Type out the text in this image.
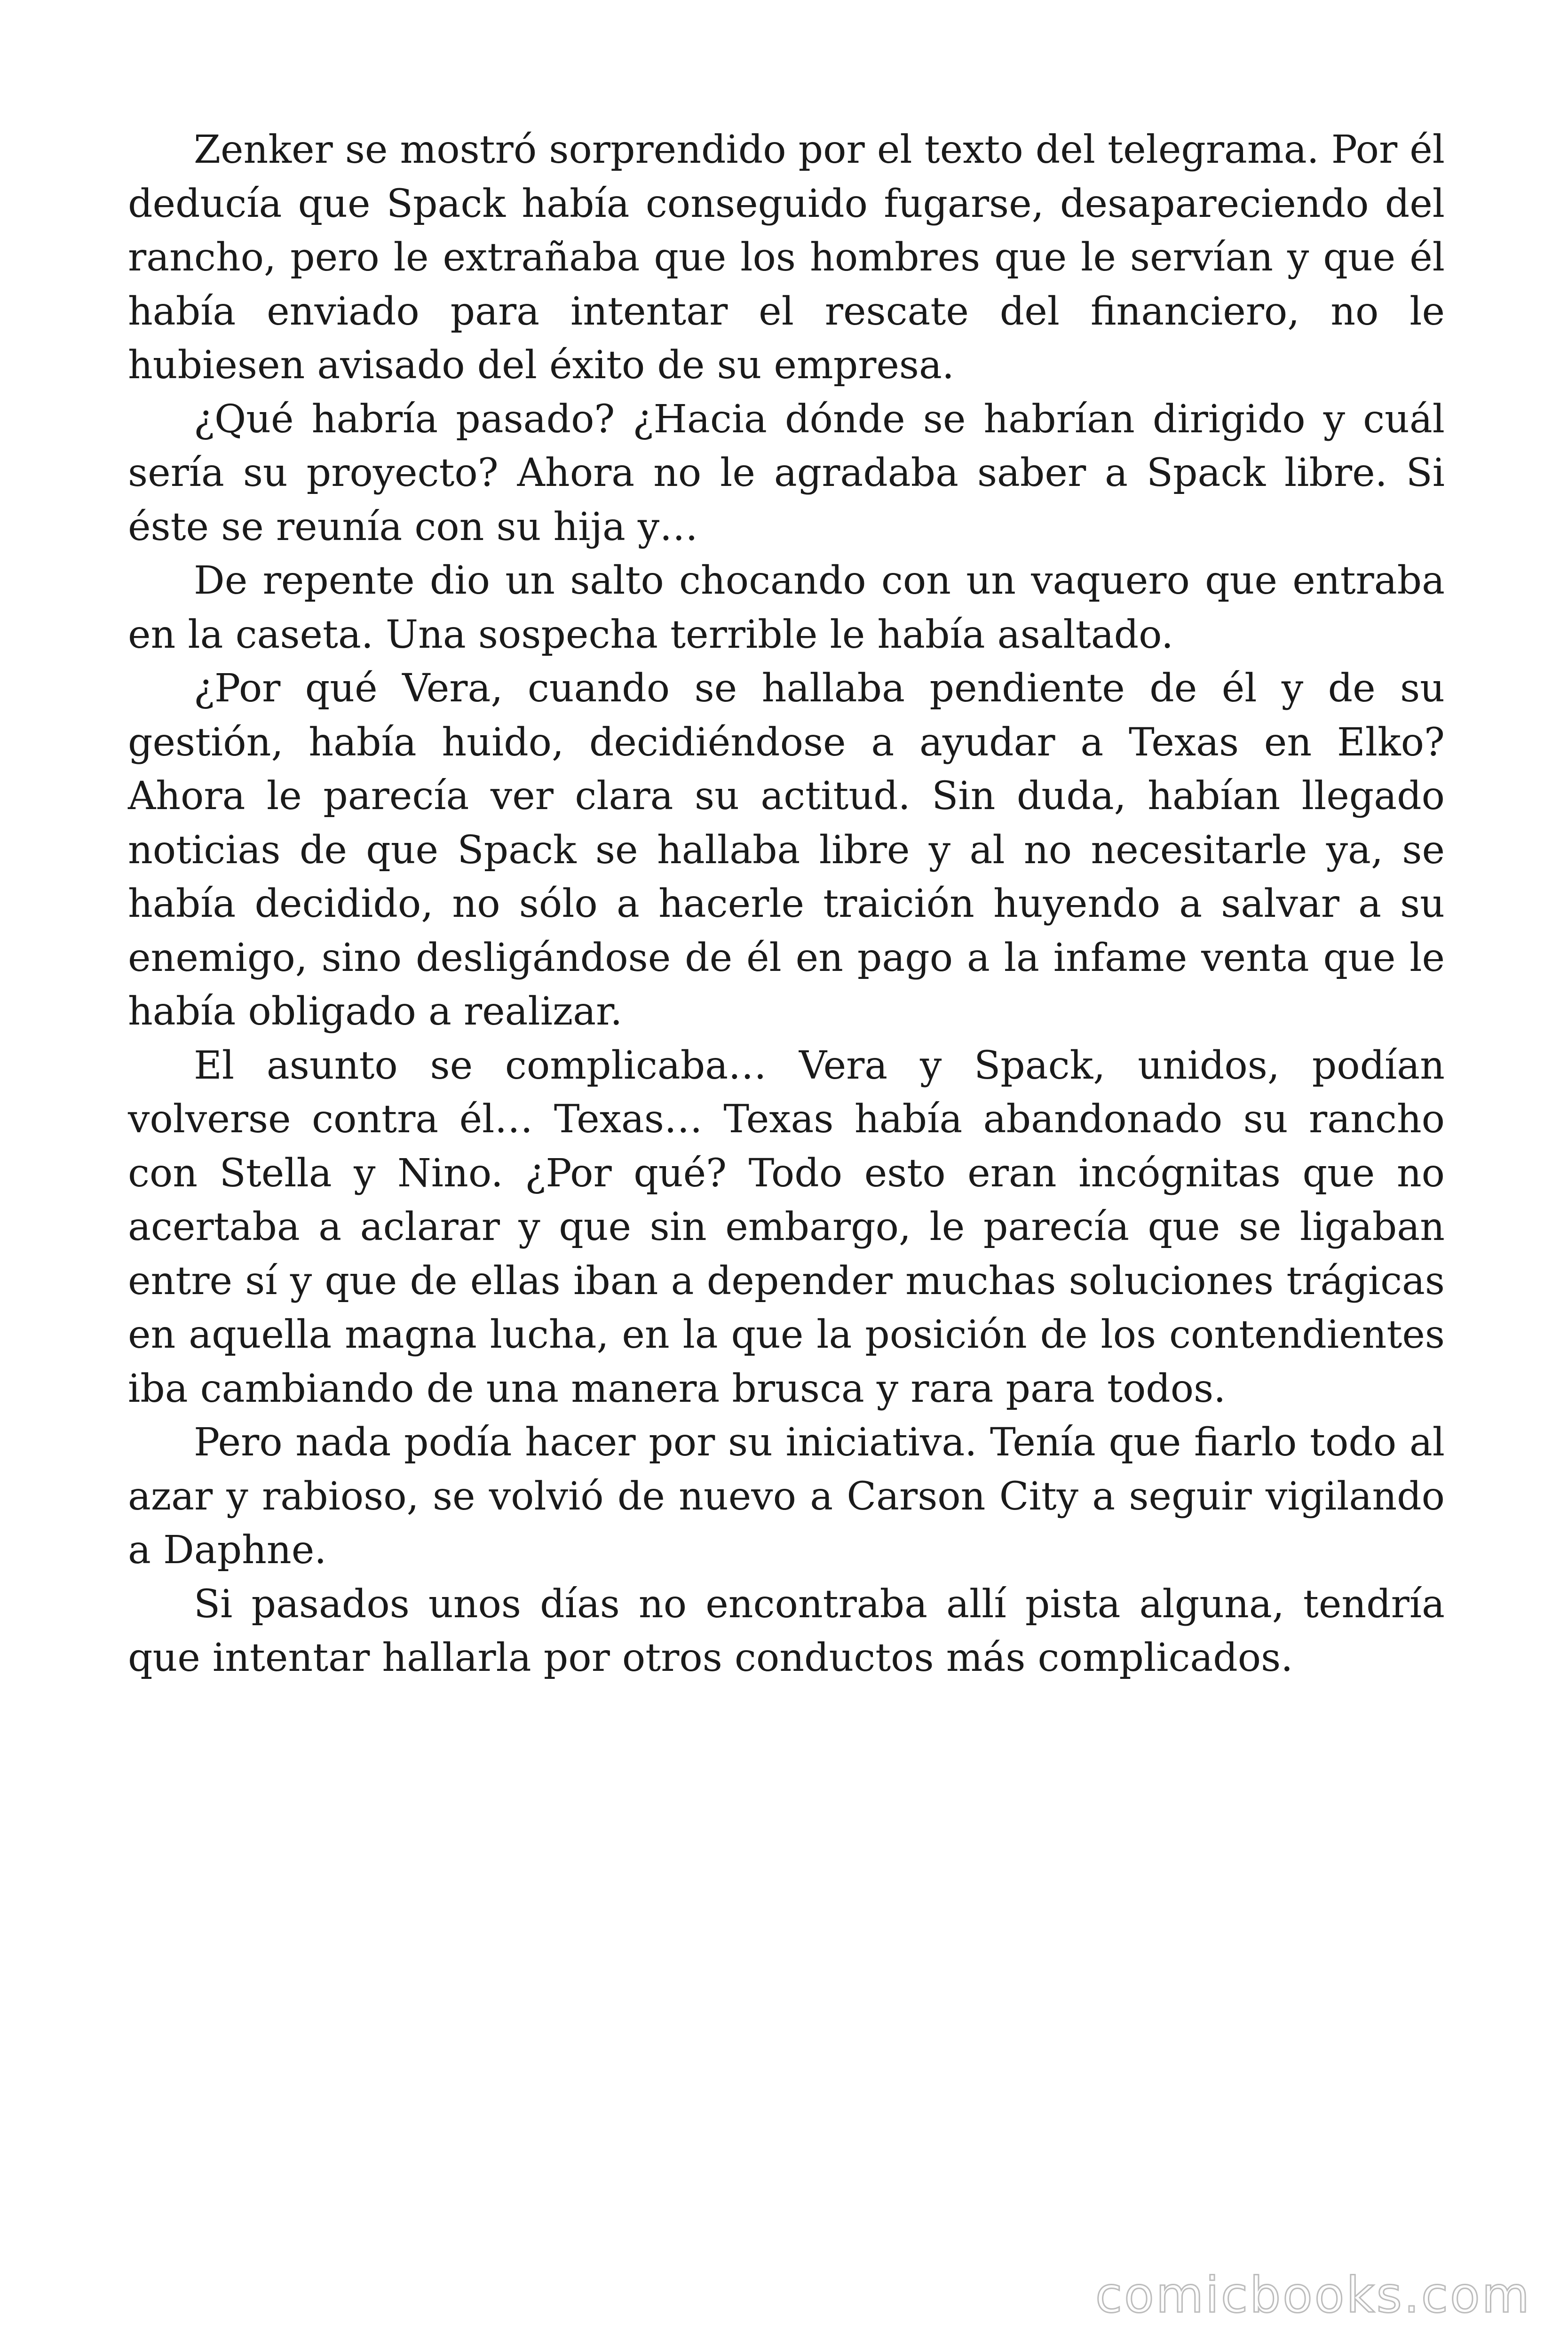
Zenker se mostró sorprendido por el texto del telegrama. Por él deducía que Spack había conseguido fugarse, desapareciendo del rancho, pero le extrañaba que los hombres que le servían y que él había enviado para intentar el rescate del financiero, no le hubiesen avisado del éxito de su empresa.

¿Qué habría pasado? ¿Hacia dónde se habrían dirigido y cuál sería su proyecto? Ahora no le agradaba saber a Spack libre. Si éste se reunía con su hija y…

De repente dio un salto chocando con un vaquero que entraba en la caseta. Una sospecha terrible le había asaltado.

¿Por qué Vera, cuando se hallaba pendiente de él y de su gestión, había huido, decidiéndose a ayudar a Texas en Elko? Ahora le parecía ver clara su actitud. Sin duda, habían llegado noticias de que Spack se hallaba libre y al no necesitarle ya, se había decidido, no sólo a hacerle traición huyendo a salvar a su enemigo, sino desligándose de él en pago a la infame venta que le había obligado a realizar.

El asunto se complicaba… Vera y Spack, unidos, podían volverse contra él… Texas… Texas había abandonado su rancho con Stella y Nino. ¿Por qué? Todo esto eran incógnitas que no acertaba a aclarar y que sin embargo, le parecía que se ligaban entre sí y que de ellas iban a depender muchas soluciones trágicas en aquella magna lucha, en la que la posición de los contendientes iba cambiando de una manera brusca y rara para todos.

Pero nada podía hacer por su iniciativa. Tenía que fiarlo todo al azar y rabioso, se volvió de nuevo a Carson City a seguir vigilando a Daphne.

Si pasados unos días no encontraba allí pista alguna, tendría que intentar hallarla por otros conductos más complicados.

comicbooks.com
